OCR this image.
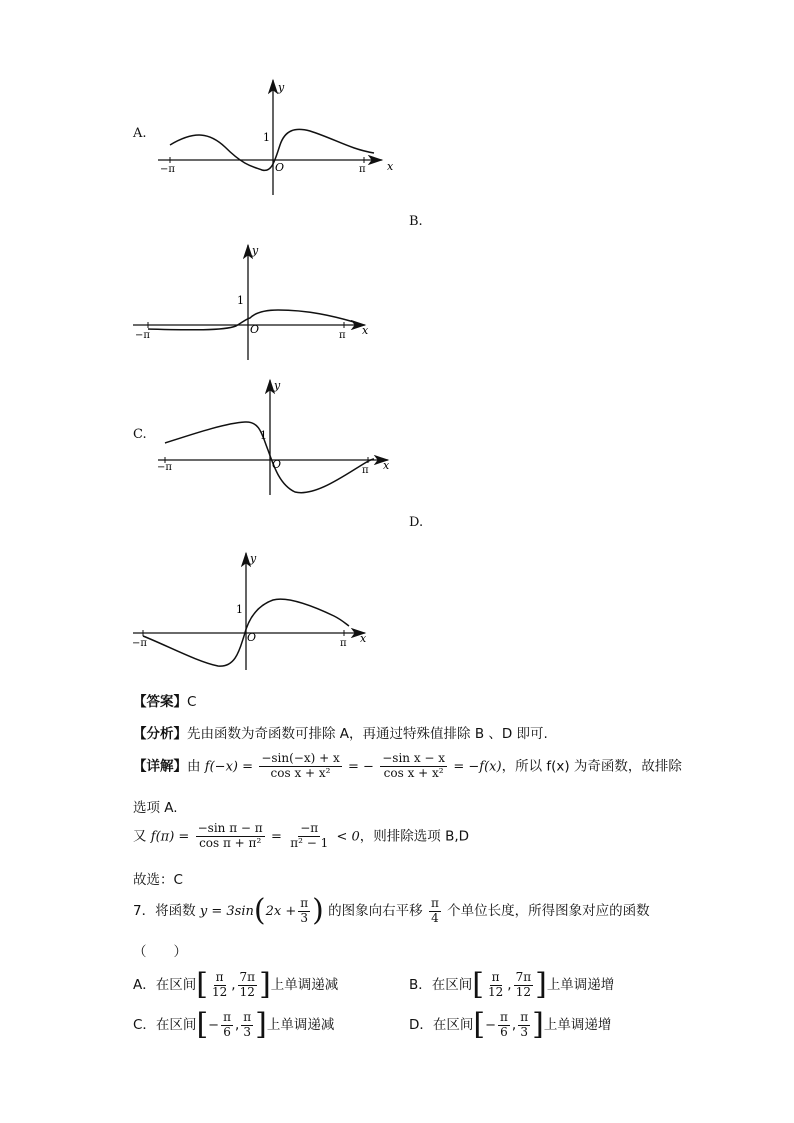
A.
B.
C.
D.
y
x
1
O
−π	π
y
x
1
O
−π	π
y
x
1
O
−π	π
y
x
1
O
−π	π
【答案】C
【分析】先由函数为奇函数可排除 A，再通过特殊值排除 B 、D 即可.
【详解】由 $f(-x) = \frac{-\sin(-x) + x}{\text{cos x + x²}}$ = − $\frac{\text{−sin x − x}}{\text{cos x + x²}} = -f(x)$，所以 f(x) 为奇函数，故排除
选项 A.
又 $f(\pi) = \frac{\text{−sin π − π}}{\text{cos π + π²}} = \frac{-\pi}{\text{π² − 1}} < 0$，则排除选项 B,D
故选：C
7．将函数 $y = 3\sin(2x + \frac{\pi}{3}$ ) 的图象向右平移 $\frac{\pi}{4}$ 个单位长度，所得图象对应的函数
（　　）
A．在区间[ $\frac{\pi}{12}$ , $\frac{7\pi}{12}$ ]上单调递减	B．在区间[ $\frac{\pi}{12}$ , $\frac{7\pi}{12}$ ]上单调递增
C．在区间[− $\frac{\pi}{6}$ , $\frac{\pi}{3}$ ]上单调递减	D．在区间[− $\frac{\pi}{6}$ , $\frac{\pi}{3}$ ]上单调递增
